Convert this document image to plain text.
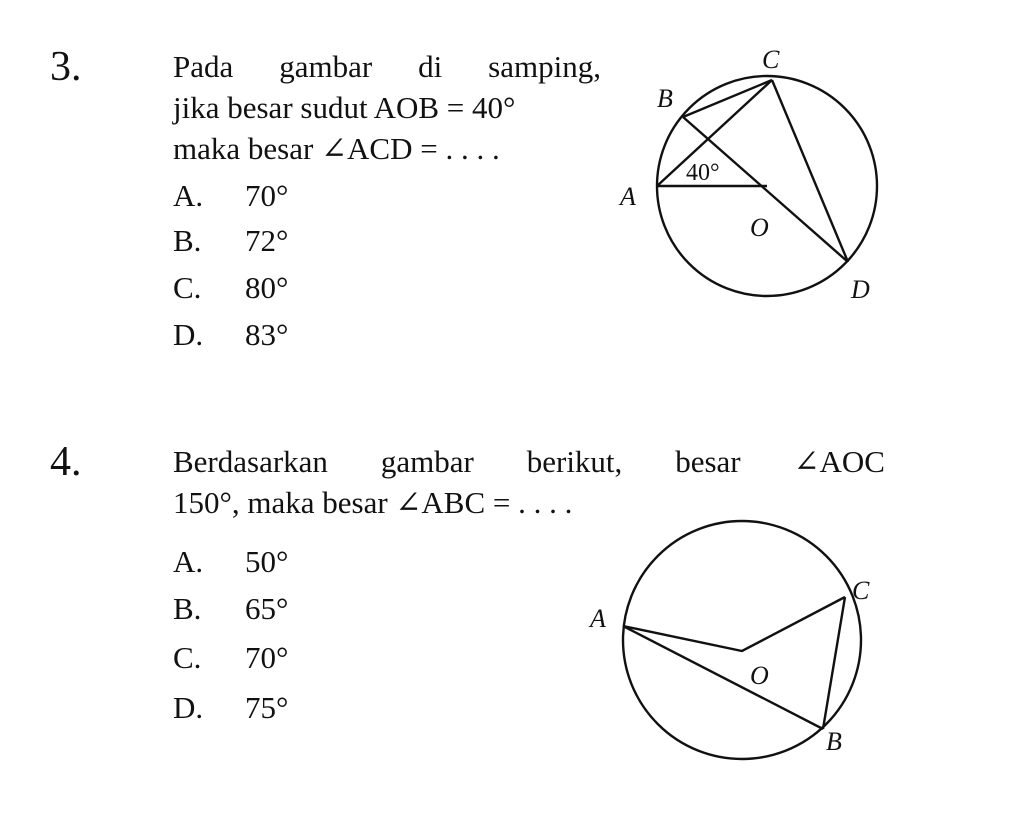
3.	Pada gambar di samping,
jika besar sudut AOB = 40°
maka besar ∠ACD = . . . .
A. 70°
B. 72°
C. 80°
D. 83°
C
B
A
O
D
40°
4.	Berdasarkan gambar berikut, besar ∠AOC
150°, maka besar ∠ABC = . . . .
A. 50°
B. 65°
C. 70°
D. 75°
A
C
O
B
